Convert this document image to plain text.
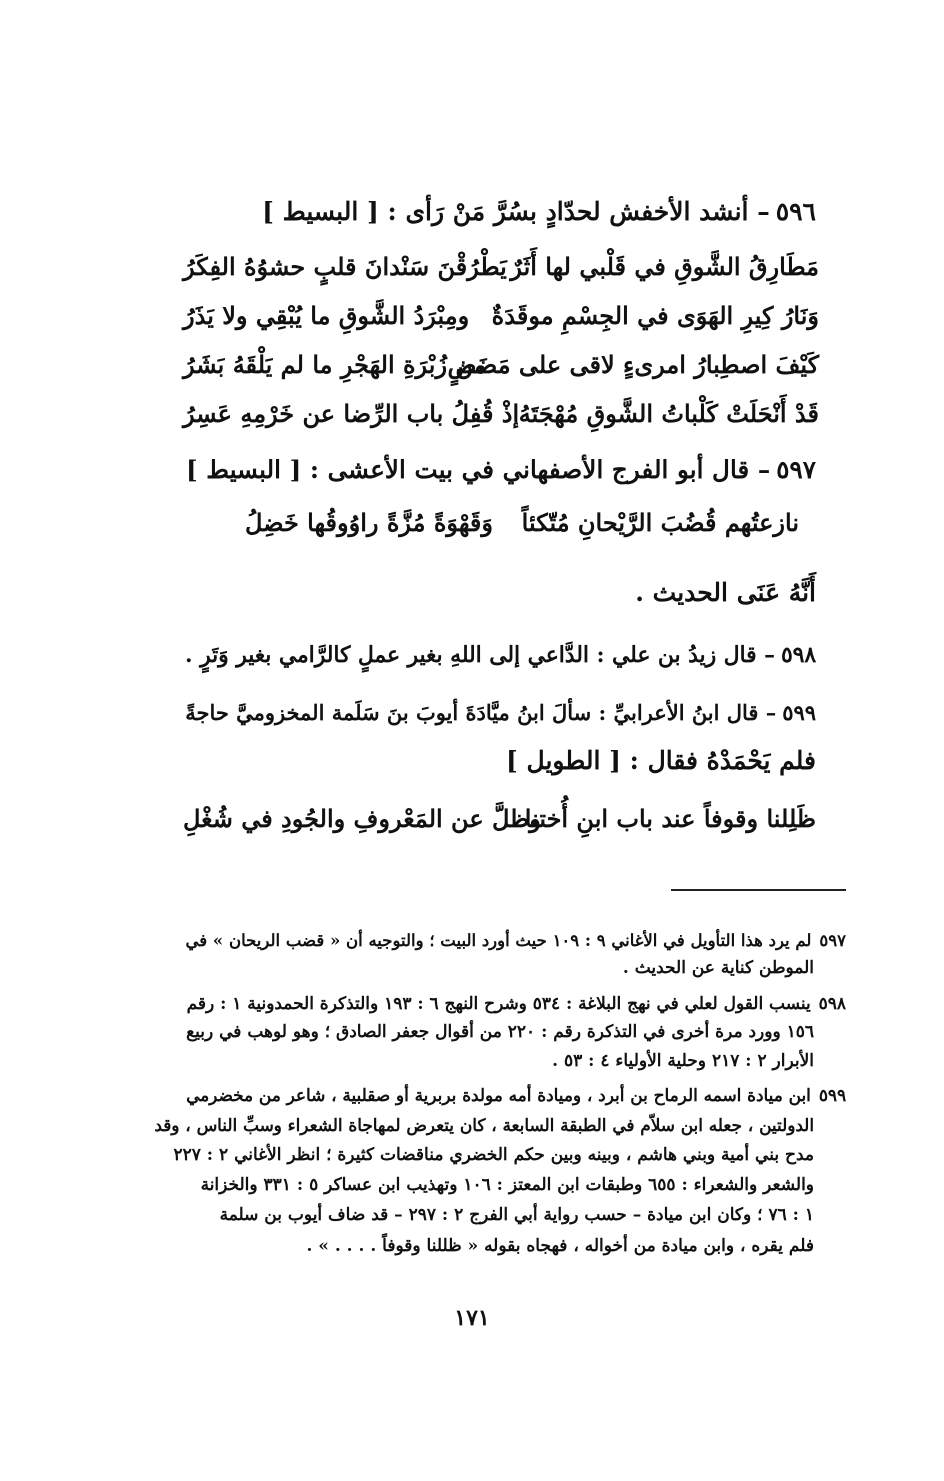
٥٩٦– أنشد الأخفش لحدّادٍ بسُرَّ مَنْ رَأى : [ البسيط ]
مَطَارِقُ الشَّوقِ في قَلْبي لها أَثَرٌ
يَطْرُقْنَ سَنْدانَ قلبٍ حشوُهُ الفِكَرُ
وَنَارُ كِيرِ الهَوَى في الجِسْمِ موقَدَةٌ
ومِبْرَدُ الشَّوقِ ما يُبْقِي ولا يَذَرُ
كَيْفَ اصطِبارُ امرىءٍ لاقى على مَضَضٍ
من زُبْرَةِ الهَجْرِ ما لم يَلْقَهُ بَشَرُ
قَدْ أَنْحَلَتْ كَلْباتُ الشَّوقِ مُهْجَتَهُ
إذْ قُفِلُ باب الرِّضا عن خَرْمِهِ عَسِرُ
٥٩٧– قال أبو الفرج الأصفهاني في بيت الأعشى : [ البسيط ]
نازعتُهم قُضُبَ الرَّيْحانِ مُتّكئاً
وَقَهْوَةً مُزَّةً راوُوقُها خَضِلُ
أَنَّهُ عَنَى الحديث .
٥٩٨– قال زيدُ بن علي : الدَّاعي إلى اللهِ بغير عملٍ كالرَّامي بغير وَتَرٍ .
٥٩٩– قال ابنُ الأعرابيِّ : سألَ ابنُ ميَّادَةَ أيوبَ بنَ سَلَمة المخزوميَّ حاجةً
فلم يَحْمَدْهُ فقال : [ الطويل ]
ظَلِلنا وقوفاً عند باب ابنِ أُختنا
وظلَّ عن المَعْروفِ والجُودِ في شُغْلِ
٥٩٧لم يرد هذا التأويل في الأغاني ٩ : ١٠٩ حيث أورد البيت ؛ والتوجيه أن « قضب الريحان » في
الموطن كناية عن الحديث .
٥٩٨ينسب القول لعلي في نهج البلاغة : ٥٣٤ وشرح النهج ٦ : ١٩٣ والتذكرة الحمدونية ١ : رقم
١٥٦ وورد مرة أخرى في التذكرة رقم : ٢٢٠ من أقوال جعفر الصادق ؛ وهو لوهب في ربيع
الأبرار ٢ : ٢١٧ وحلية الأولياء ٤ : ٥٣ .
٥٩٩ابن ميادة اسمه الرماح بن أبرد ، وميادة أمه مولدة بربرية أو صقلبية ، شاعر من مخضرمي
الدولتين ، جعله ابن سلاّم في الطبقة السابعة ، كان يتعرض لمهاجاة الشعراء وسبِّ الناس ، وقد
مدح بني أمية وبني هاشم ، وبينه وبين حكم الخضري مناقضات كثيرة ؛ انظر الأغاني ٢ : ٢٢٧
والشعر والشعراء : ٦٥٥ وطبقات ابن المعتز : ١٠٦ وتهذيب ابن عساكر ٥ : ٣٣١ والخزانة
١ : ٧٦ ؛ وكان ابن ميادة – حسب رواية أبي الفرج ٢ : ٢٩٧ – قد ضاف أيوب بن سلمة
فلم يقره ، وابن ميادة من أخواله ، فهجاه بقوله « ظللنا وقوفاً . . . . » .
١٧١
